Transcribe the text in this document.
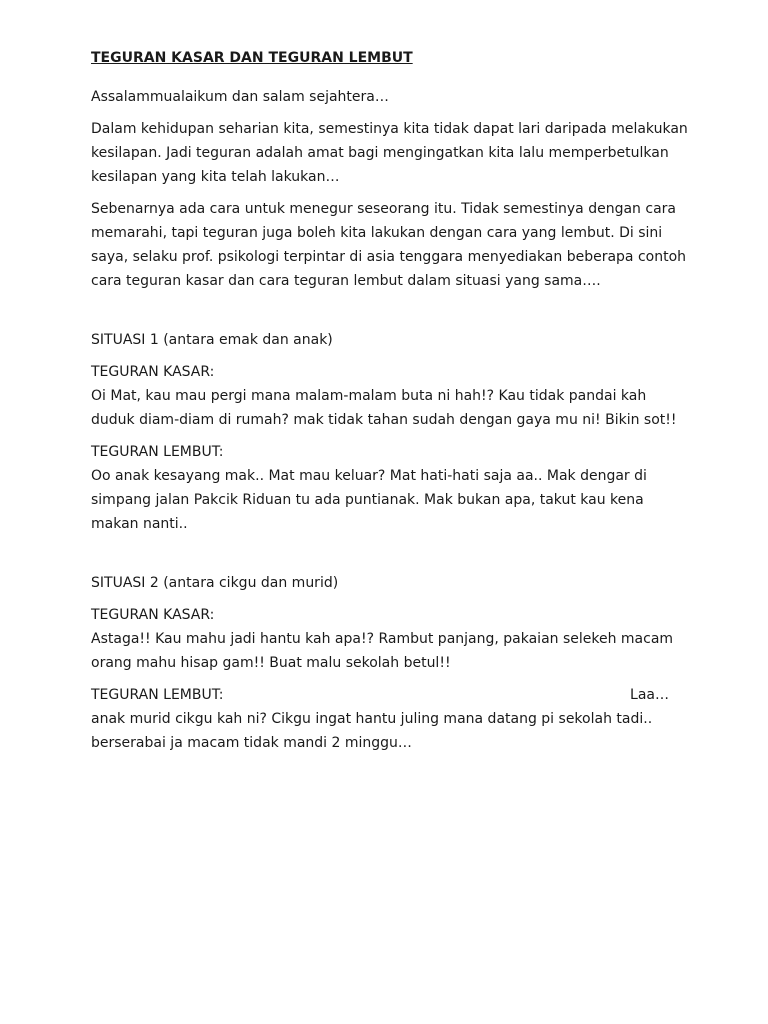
TEGURAN KASAR DAN TEGURAN LEMBUT

Assalammualaikum dan salam sejahtera…

Dalam kehidupan seharian kita, semestinya kita tidak dapat lari daripada melakukan kesilapan. Jadi teguran adalah amat bagi mengingatkan kita lalu memperbetulkan kesilapan yang kita telah lakukan…

Sebenarnya ada cara untuk menegur seseorang itu. Tidak semestinya dengan cara memarahi, tapi teguran juga boleh kita lakukan dengan cara yang lembut. Di sini saya, selaku prof. psikologi terpintar di asia tenggara menyediakan beberapa contoh cara teguran kasar dan cara teguran lembut dalam situasi yang sama….

SITUASI 1 (antara emak dan anak)

TEGURAN KASAR:
Oi Mat, kau mau pergi mana malam-malam buta ni hah!? Kau tidak pandai kah duduk diam-diam di rumah? mak tidak tahan sudah dengan gaya mu ni! Bikin sot!!

TEGURAN LEMBUT:
Oo anak kesayang mak.. Mat mau keluar? Mat hati-hati saja aa.. Mak dengar di simpang jalan Pakcik Riduan tu ada puntianak. Mak bukan apa, takut kau kena makan nanti..

SITUASI 2 (antara cikgu dan murid)

TEGURAN KASAR:
Astaga!! Kau mahu jadi hantu kah apa!? Rambut panjang, pakaian selekeh macam orang mahu hisap gam!! Buat malu sekolah betul!!

TEGURAN LEMBUT:	Laa…
anak murid cikgu kah ni? Cikgu ingat hantu juling mana datang pi sekolah tadi.. berserabai ja macam tidak mandi 2 minggu…
